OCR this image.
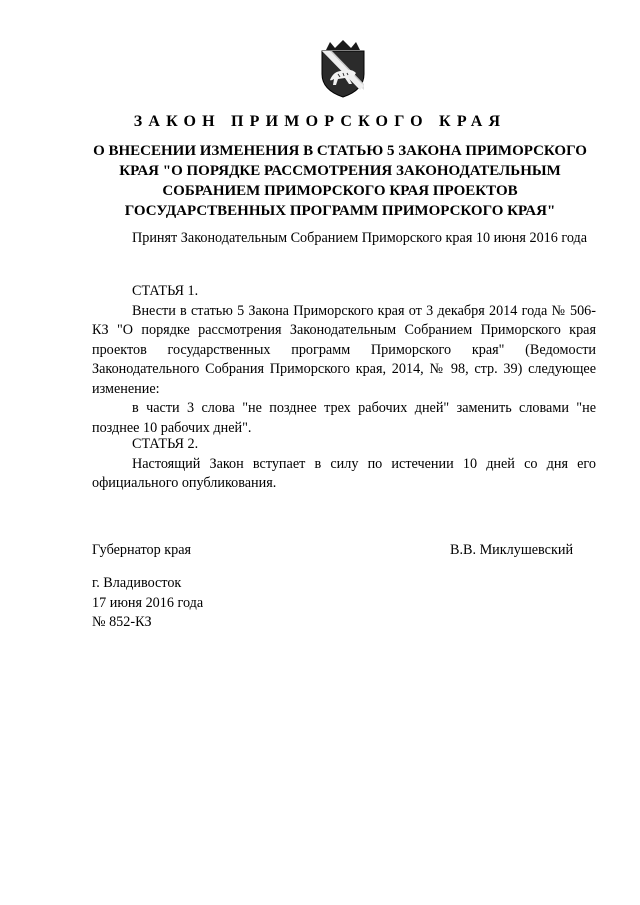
ЗАКОН ПРИМОРСКОГО КРАЯ
О ВНЕСЕНИИ ИЗМЕНЕНИЯ В СТАТЬЮ 5 ЗАКОНА ПРИМОРСКОГО
КРАЯ "О ПОРЯДКЕ РАССМОТРЕНИЯ ЗАКОНОДАТЕЛЬНЫМ
СОБРАНИЕМ ПРИМОРСКОГО КРАЯ ПРОЕКТОВ
ГОСУДАРСТВЕННЫХ ПРОГРАММ ПРИМОРСКОГО КРАЯ"

Принят Законодательным Собранием Приморского края 10 июня 2016 года

СТАТЬЯ 1.

Внести в статью 5 Закона Приморского края от 3 декабря 2014 года № 506-КЗ "О порядке рассмотрения Законодательным Собранием Приморского края проектов государственных программ Приморского края" (Ведомости Законодательного Собрания Приморского края, 2014, № 98, стр. 39) следующее изменение:

в части 3 слова "не позднее трех рабочих дней" заменить словами "не позднее 10 рабочих дней".

СТАТЬЯ 2.

Настоящий Закон вступает в силу по истечении 10 дней со дня его официального опубликования.

Губернатор края	В.В. Миклушевский
г. Владивосток
17 июня 2016 года
№ 852-КЗ
